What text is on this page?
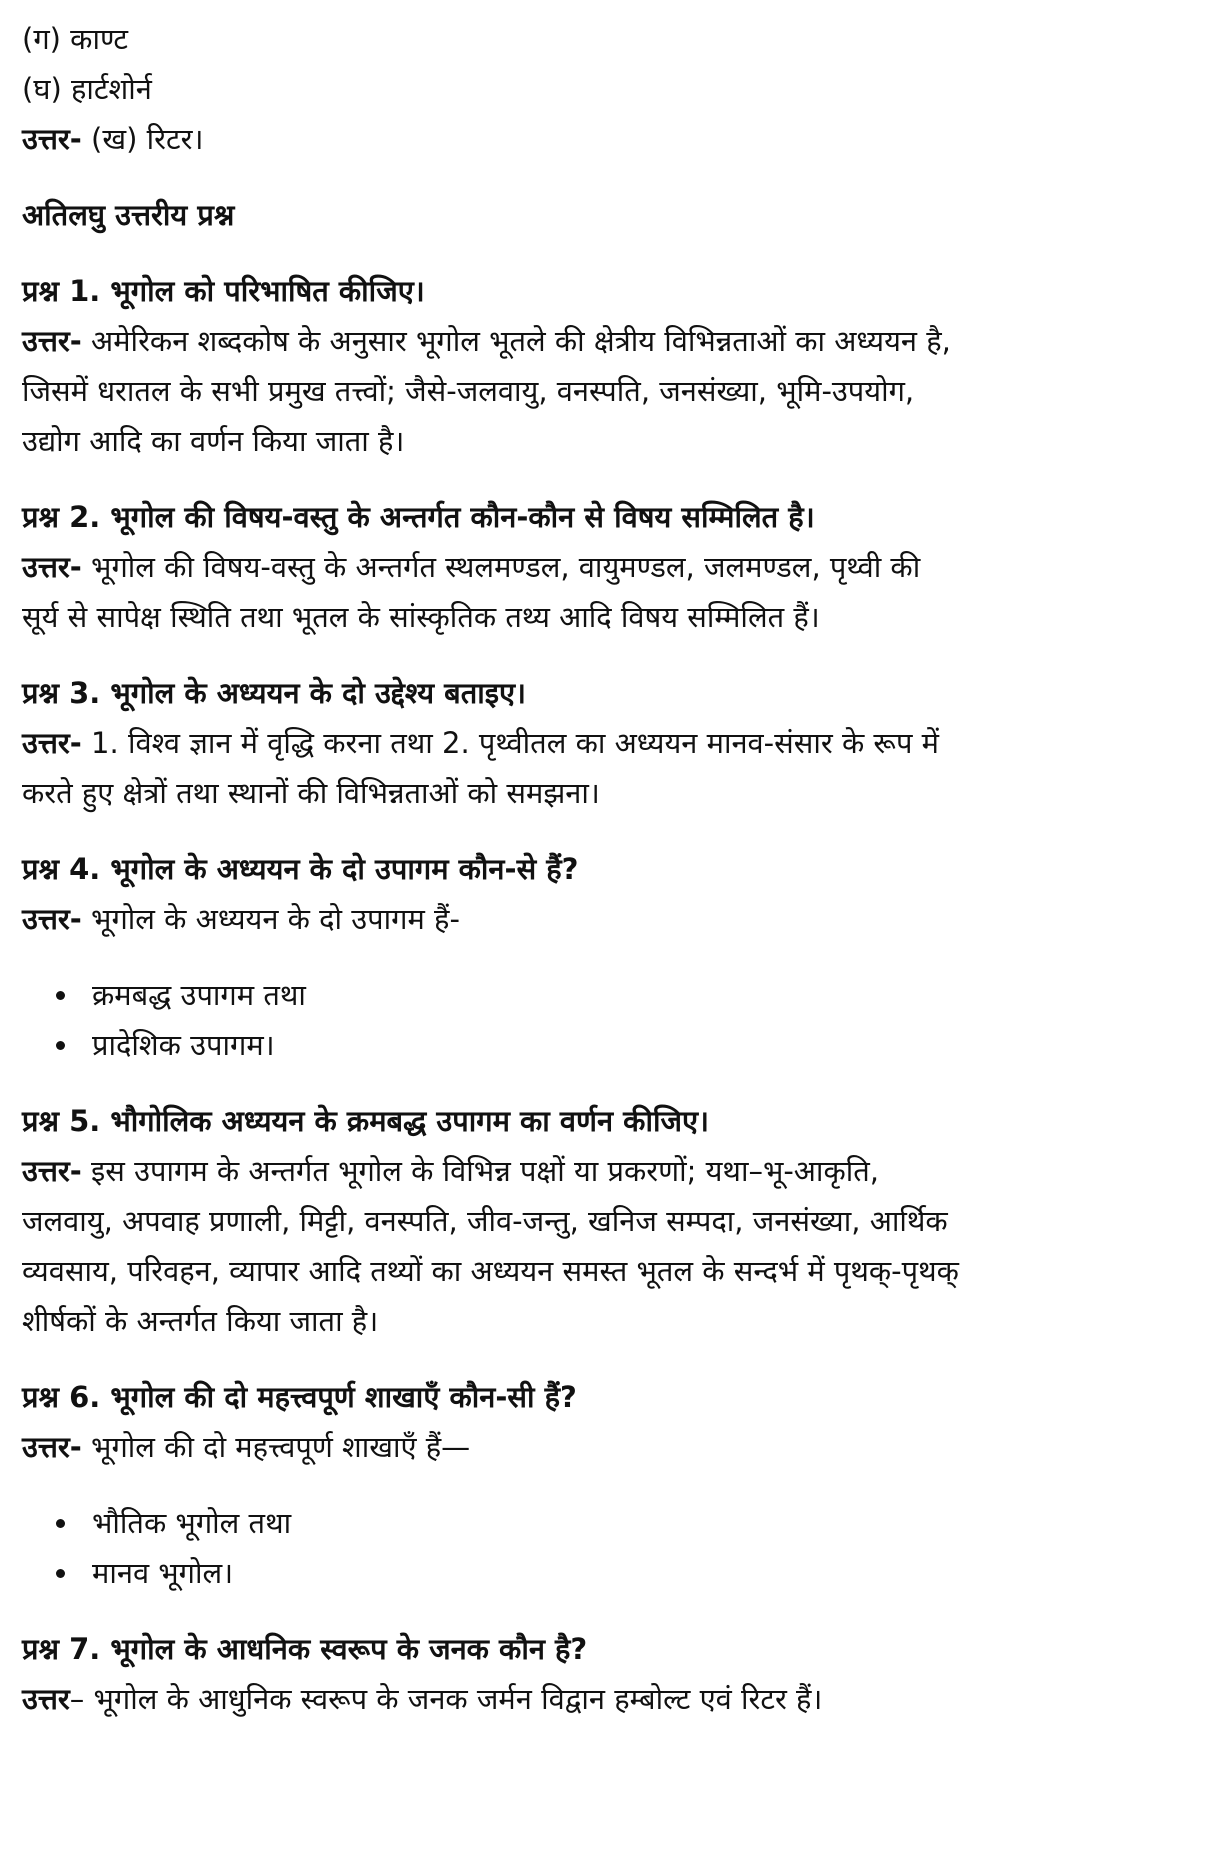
(ग) काण्ट
(घ) हार्टशोर्न
उत्तर- (ख) रिटर।
अतिलघु उत्तरीय प्रश्न
प्रश्न 1. भूगोल को परिभाषित कीजिए।
उत्तर- अमेरिकन शब्दकोष के अनुसार भूगोल भूतले की क्षेत्रीय विभिन्नताओं का अध्ययन है,
जिसमें धरातल के सभी प्रमुख तत्त्वों; जैसे-जलवायु, वनस्पति, जनसंख्या, भूमि-उपयोग,
उद्योग आदि का वर्णन किया जाता है।
प्रश्न 2. भूगोल की विषय-वस्तु के अन्तर्गत कौन-कौन से विषय सम्मिलित है।
उत्तर- भूगोल की विषय-वस्तु के अन्तर्गत स्थलमण्डल, वायुमण्डल, जलमण्डल, पृथ्वी की
सूर्य से सापेक्ष स्थिति तथा भूतल के सांस्कृतिक तथ्य आदि विषय सम्मिलित हैं।
प्रश्न 3. भूगोल के अध्ययन के दो उद्देश्य बताइए।
उत्तर- 1. विश्व ज्ञान में वृद्धि करना तथा 2. पृथ्वीतल का अध्ययन मानव-संसार के रूप में
करते हुए क्षेत्रों तथा स्थानों की विभिन्नताओं को समझना।
प्रश्न 4. भूगोल के अध्ययन के दो उपागम कौन-से हैं?
उत्तर- भूगोल के अध्ययन के दो उपागम हैं-
क्रमबद्ध उपागम तथा
प्रादेशिक उपागम।
प्रश्न 5. भौगोलिक अध्ययन के क्रमबद्ध उपागम का वर्णन कीजिए।
उत्तर- इस उपागम के अन्तर्गत भूगोल के विभिन्न पक्षों या प्रकरणों; यथा–भू-आकृति,
जलवायु, अपवाह प्रणाली, मिट्टी, वनस्पति, जीव-जन्तु, खनिज सम्पदा, जनसंख्या, आर्थिक
व्यवसाय, परिवहन, व्यापार आदि तथ्यों का अध्ययन समस्त भूतल के सन्दर्भ में पृथक्-पृथक्
शीर्षकों के अन्तर्गत किया जाता है।
प्रश्न 6. भूगोल की दो महत्त्वपूर्ण शाखाएँ कौन-सी हैं?
उत्तर- भूगोल की दो महत्त्वपूर्ण शाखाएँ हैं—
भौतिक भूगोल तथा
मानव भूगोल।
प्रश्न 7. भूगोल के आधनिक स्वरूप के जनक कौन है?
उत्तर– भूगोल के आधुनिक स्वरूप के जनक जर्मन विद्वान हम्बोल्ट एवं रिटर हैं।
